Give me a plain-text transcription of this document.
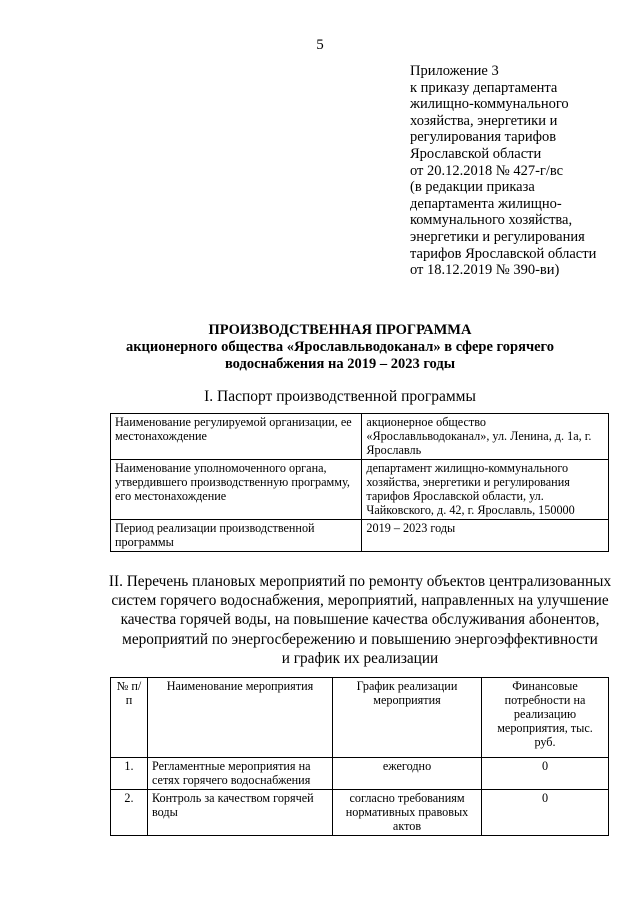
5
Приложение 3
к приказу департамента
жилищно-коммунального
хозяйства, энергетики и
регулирования тарифов
Ярославской области
от 20.12.2018 № 427-г/вс
(в редакции приказа
департамента жилищно-
коммунального хозяйства,
энергетики и регулирования
тарифов Ярославской области
от 18.12.2019 № 390-ви)
ПРОИЗВОДСТВЕННАЯ ПРОГРАММА
акционерного общества «Ярославльводоканал» в сфере горячего
водоснабжения на 2019 – 2023 годы
I. Паспорт производственной программы
Наименование регулируемой организации, ее местонахождение	акционерное общество «Ярославльводоканал», ул. Ленина, д. 1а, г. Ярославль
Наименование уполномоченного органа, утвердившего производственную программу, его местонахождение	департамент жилищно-коммунального хозяйства, энергетики и регулирования тарифов Ярославской области, ул. Чайковского, д. 42, г. Ярославль, 150000
Период реализации производственной программы	2019 – 2023 годы
II. Перечень плановых мероприятий по ремонту объектов централизованных
систем горячего водоснабжения, мероприятий, направленных на улучшение
качества горячей воды, на повышение качества обслуживания абонентов,
мероприятий по энергосбережению и повышению энергоэффективности
и график их реализации
№ п/п	Наименование мероприятия	График реализации мероприятия	Финансовые потребности на реализацию мероприятия, тыс. руб.
1.	Регламентные мероприятия на сетях горячего водоснабжения	ежегодно	0
2.	Контроль за качеством горячей воды	согласно требованиям нормативных правовых актов	0
